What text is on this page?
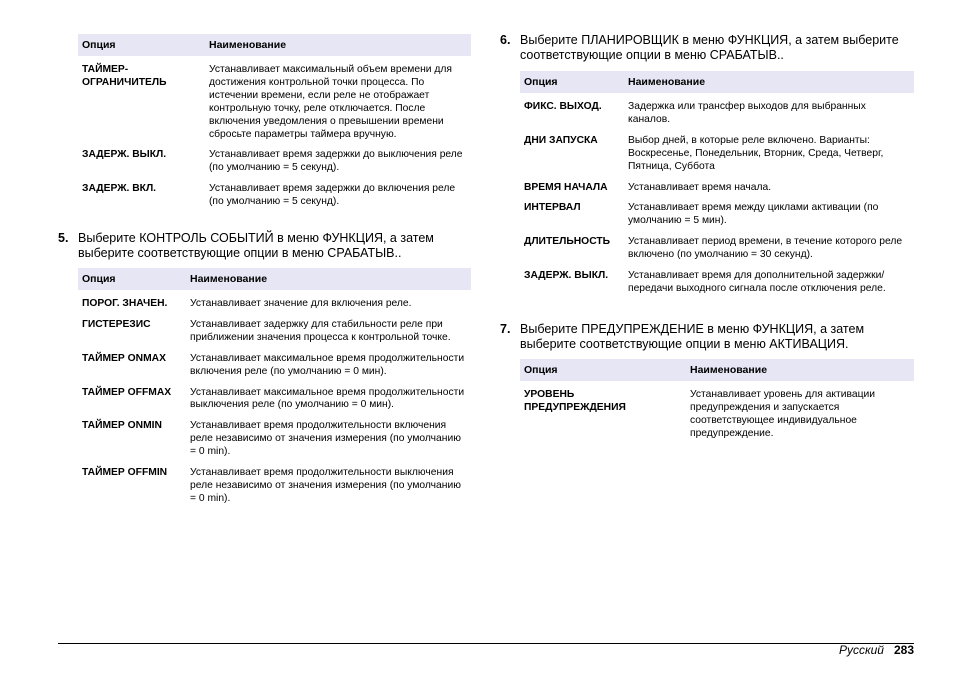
Опция	Наименование
ТАЙМЕР-
ОГРАНИЧИТЕЛЬ	Устанавливает максимальный объем времени для достижения контрольной точки процесса. По истечении времени, если реле не отображает контрольную точку, реле отключается. После включения уведомления о превышении времени сбросьте параметры таймера вручную.
ЗАДЕРЖ. ВЫКЛ.	Устанавливает время задержки до выключения реле (по умолчанию = 5 секунд).
ЗАДЕРЖ. ВКЛ.	Устанавливает время задержки до включения реле (по умолчанию = 5 секунд).
5. Выберите КОНТРОЛЬ СОБЫТИЙ в меню ФУНКЦИЯ, а затем выберите соответствующие опции в меню СРАБАТЫВ..
Опция	Наименование
ПОРОГ. ЗНАЧЕН.	Устанавливает значение для включения реле.
ГИСТЕРЕЗИС	Устанавливает задержку для стабильности реле при приближении значения процесса к контрольной точке.
ТАЙМЕР ONMAX	Устанавливает максимальное время продолжительности включения реле (по умолчанию = 0 мин).
ТАЙМЕР OFFMAX	Устанавливает максимальное время продолжительности выключения реле (по умолчанию = 0 мин).
ТАЙМЕР ONMIN	Устанавливает время продолжительности включения реле независимо от значения измерения (по умолчанию = 0 min).
ТАЙМЕР OFFMIN	Устанавливает время продолжительности выключения реле независимо от значения измерения (по умолчанию = 0 min).
6. Выберите ПЛАНИРОВЩИК в меню ФУНКЦИЯ, а затем выберите соответствующие опции в меню СРАБАТЫВ..
Опция	Наименование
ФИКС. ВЫХОД.	Задержка или трансфер выходов для выбранных каналов.
ДНИ ЗАПУСКА	Выбор дней, в которые реле включено. Варианты: Воскресенье, Понедельник, Вторник, Среда, Четверг, Пятница, Суббота
ВРЕМЯ НАЧАЛА	Устанавливает время начала.
ИНТЕРВАЛ	Устанавливает время между циклами активации (по умолчанию = 5 мин).
ДЛИТЕЛЬНОСТЬ	Устанавливает период времени, в течение которого реле включено (по умолчанию = 30 секунд).
ЗАДЕРЖ. ВЫКЛ.	Устанавливает время для дополнительной задержки/передачи выходного сигнала после отключения реле.
7. Выберите ПРЕДУПРЕЖДЕНИЕ в меню ФУНКЦИЯ, а затем выберите соответствующие опции в меню АКТИВАЦИЯ.
Опция	Наименование
УРОВЕНЬ
ПРЕДУПРЕЖДЕНИЯ	Устанавливает уровень для активации предупреждения и запускается соответствующее индивидуальное предупреждение.
Русский 283
